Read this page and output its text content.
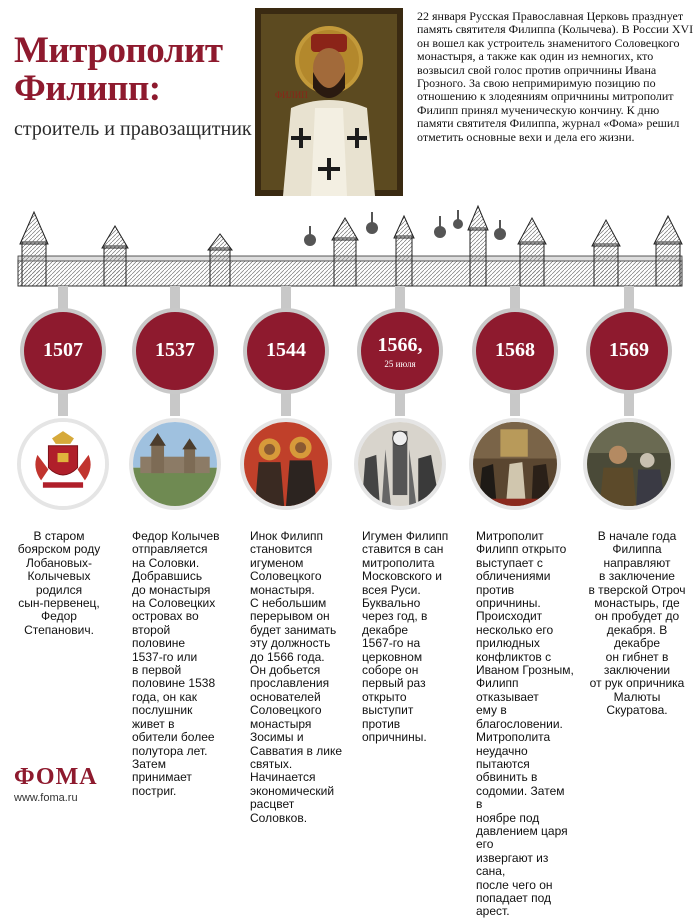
Митрополит Филипп:
строитель и правозащитник
ФИЛИП
22 января Русская Православная Церковь празднует память святителя Филиппа (Колычева). В России XVI он вошел как устроитель знаменитого Соловецкого монастыря, а также как один из немногих, кто возвысил свой голос против опричнины Ивана Грозного. За свою непримиримую позицию по отношению к злодеяниям опричнины митрополит Филипп принял мученическую кончину. К дню памяти святителя Филиппа, журнал «Фома» решил отметить основные вехи и дела его жизни.
1507
В старом
боярском роду
Лобановых-
Колычевых
родился
сын-первенец,
Федор
Степанович.
1537
Федор Колычев
отправляется
на Соловки.
Добравшись
до монастыря
на Соловецких
островах во
второй
половине
1537-го или
в первой
половине 1538
года, он как
послушник
живет в
обители более
полутора лет.
Затем
принимает
постриг.
1544
Инок Филипп
становится
игуменом
Соловецкого
монастыря.
С небольшим
перерывом он
будет занимать
эту должность
до 1566 года.
Он добьется
прославления
основателей
Соловецкого
монастыря
Зосимы и
Савватия в лике
святых.
Начинается
экономический
расцвет
Соловков.
1566,
25 июля
Игумен Филипп
ставится в сан
митрополита
Московского и
всея Руси.
Буквально
через год, в
декабре
1567-го на
церковном
соборе он
первый раз
открыто
выступит
против
опричнины.
1568
Митрополит
Филипп открыто
выступает с
обличениями
против опричнины.
Происходит
несколько его
прилюдных
конфликтов с
Иваном Грозным,
Филипп отказывает
ему в
благословении.
Митрополита
неудачно пытаются
обвинить в
содомии. Затем в
ноябре под
давлением царя его
извергают из сана,
после чего он
попадает под арест.
1569
В начале года
Филиппа
направляют
в заключение
в тверской Отроч
монастырь, где
он пробудет до
декабря. В декабре
он гибнет в
заключении
от рук опричника
Малюты Скуратова.
ФОМА
www.foma.ru
